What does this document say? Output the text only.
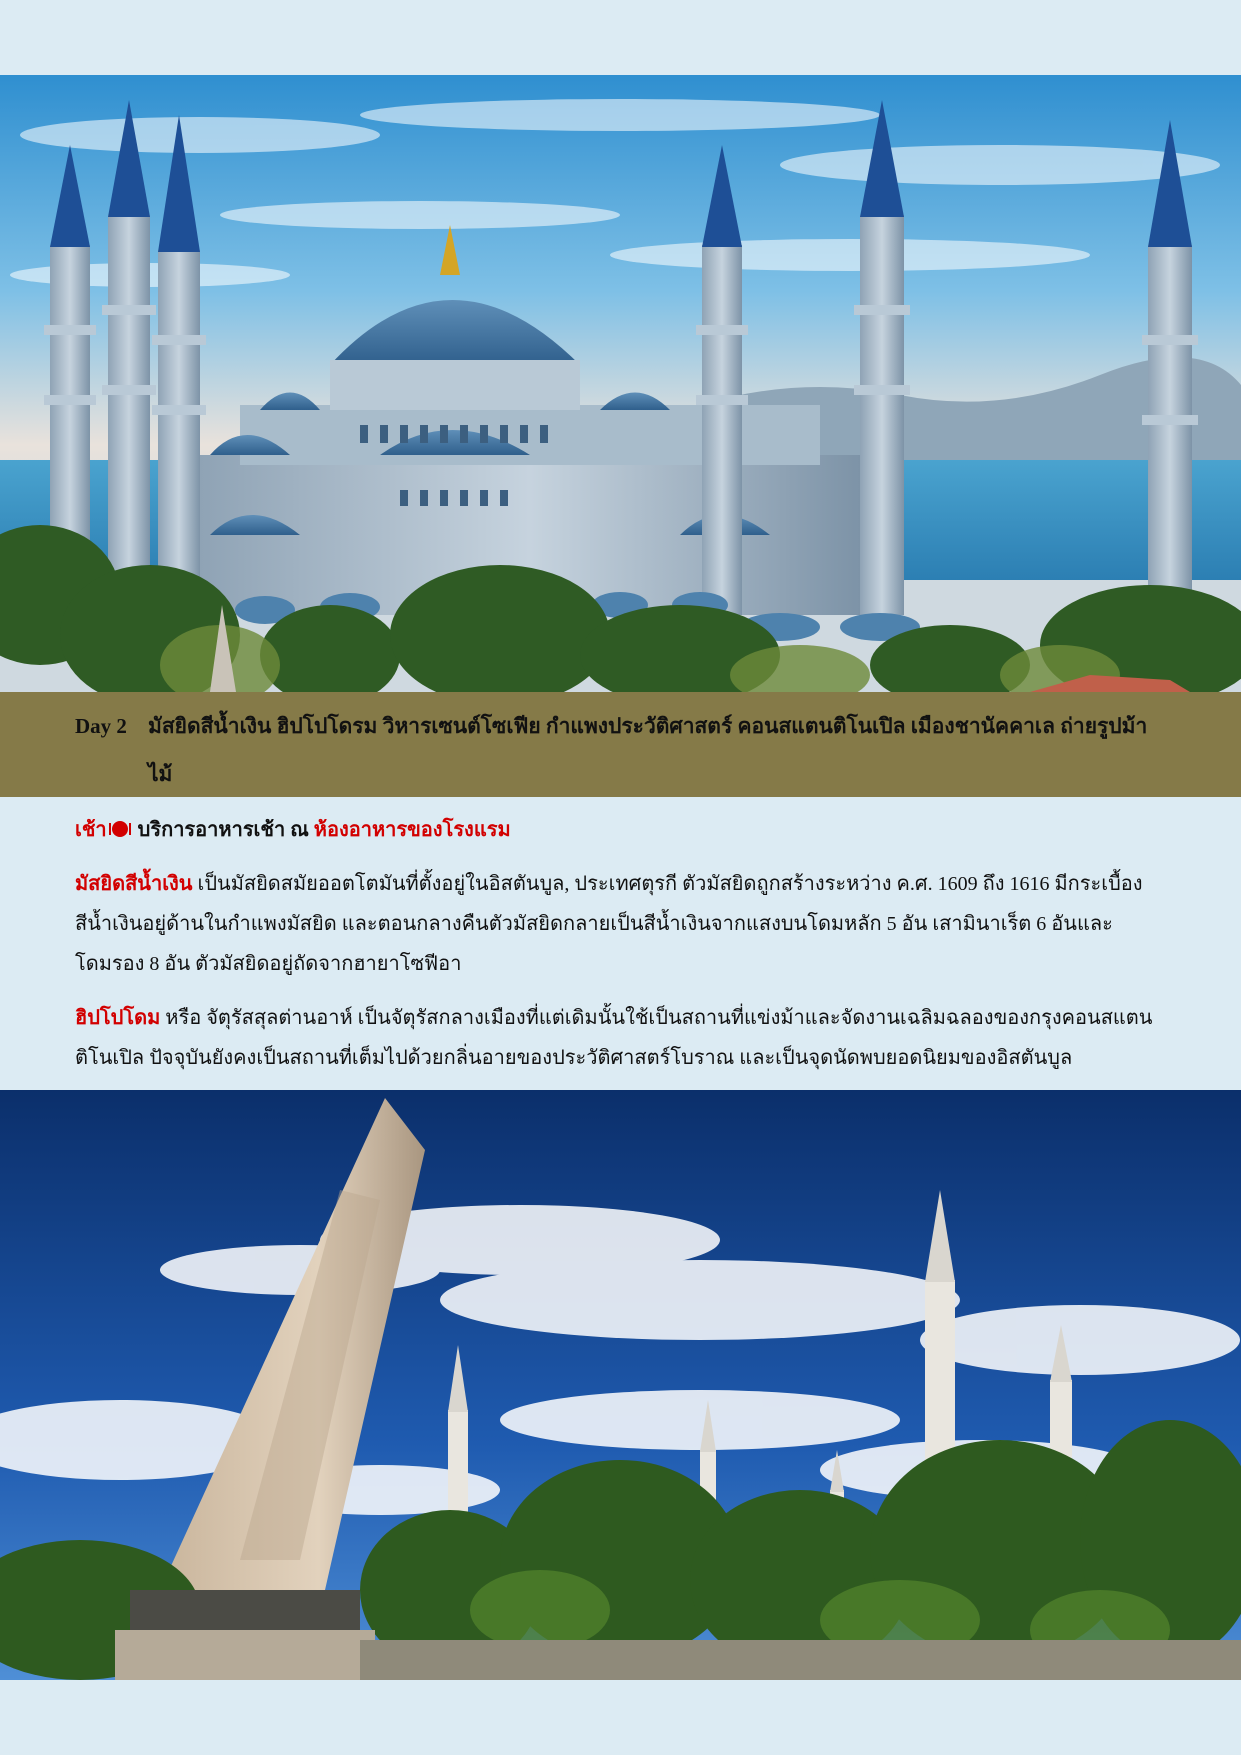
Day 2 มัสยิดสีน้ำเงิน ฮิปโปโดรม วิหารเซนต์โซเฟีย กำแพงประวัติศาสตร์ คอนสแตนติโนเปิล เมืองชานัคคาเล ถ่ายรูปม้าไม้

เช้า บริการอาหารเช้า ณ ห้องอาหารของโรงแรม

มัสยิดสีน้ำเงิน เป็นมัสยิดสมัยออตโตมันที่ตั้งอยู่ในอิสตันบูล, ประเทศตุรกี ตัวมัสยิดถูกสร้างระหว่าง ค.ศ. 1609 ถึง 1616 มีกระเบื้องสีน้ำเงินอยู่ด้านในกำแพงมัสยิด และตอนกลางคืนตัวมัสยิดกลายเป็นสีน้ำเงินจากแสงบนโดมหลัก 5 อัน เสามินาเร็ต 6 อันและ โดมรอง 8 อัน ตัวมัสยิดอยู่ถัดจากฮายาโซฟีอา

ฮิปโปโดม หรือ จัตุรัสสุลต่านอาห์ เป็นจัตุรัสกลางเมืองที่แต่เดิมนั้นใช้เป็นสถานที่แข่งม้าและจัดงานเฉลิมฉลองของกรุงคอนสแตนติโนเปิล ปัจจุบันยังคงเป็นสถานที่เต็มไปด้วยกลิ่นอายของประวัติศาสตร์โบราณ และเป็นจุดนัดพบยอดนิยมของอิสตันบูล
